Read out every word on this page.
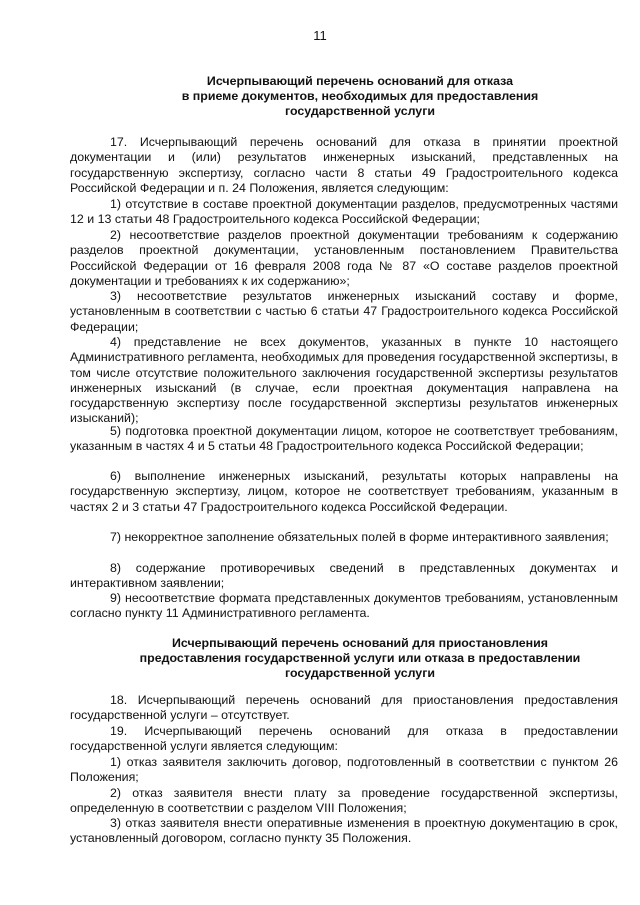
11
Исчерпывающий перечень оснований для отказа
в приеме документов, необходимых для предоставления
государственной услуги

17. Исчерпывающий перечень оснований для отказа в принятии проектной документации и (или) результатов инженерных изысканий, представленных на государственную экспертизу, согласно части 8 статьи 49 Градостроительного кодекса Российской Федерации и п. 24 Положения, является следующим:

1) отсутствие в составе проектной документации разделов, предусмотренных частями 12 и 13 статьи 48 Градостроительного кодекса Российской Федерации;

2) несоответствие разделов проектной документации требованиям к содержанию разделов проектной документации, установленным постановлением Правительства Российской Федерации от 16 февраля 2008 года № 87 «О составе разделов проектной документации и требованиях к их содержанию»;

3) несоответствие результатов инженерных изысканий составу и форме, установленным в соответствии с частью 6 статьи 47 Градостроительного кодекса Российской Федерации;

4) представление не всех документов, указанных в пункте 10 настоящего Административного регламента, необходимых для проведения государственной экспертизы, в том числе отсутствие положительного заключения государственной экспертизы результатов инженерных изысканий (в случае, если проектная документация направлена на государственную экспертизу после государственной экспертизы результатов инженерных изысканий);

5) подготовка проектной документации лицом, которое не соответствует требованиям, указанным в частях 4 и 5 статьи 48 Градостроительного кодекса Российской Федерации;

6) выполнение инженерных изысканий, результаты которых направлены на государственную экспертизу, лицом, которое не соответствует требованиям, указанным в частях 2 и 3 статьи 47 Градостроительного кодекса Российской Федерации.

7) некорректное заполнение обязательных полей в форме интерактивного заявления;

8) содержание противоречивых сведений в представленных документах и интерактивном заявлении;

9) несоответствие формата представленных документов требованиям, установленным согласно пункту 11 Административного регламента.

Исчерпывающий перечень оснований для приостановления
предоставления государственной услуги или отказа в предоставлении
государственной услуги

18. Исчерпывающий перечень оснований для приостановления предоставления государственной услуги – отсутствует.

19. Исчерпывающий перечень оснований для отказа в предоставлении государственной услуги является следующим:

1) отказ заявителя заключить договор, подготовленный в соответствии с пунктом 26 Положения;

2) отказ заявителя внести плату за проведение государственной экспертизы, определенную в соответствии с разделом VIII Положения;

3) отказ заявителя внести оперативные изменения в проектную документацию в срок, установленный договором, согласно пункту 35 Положения.
